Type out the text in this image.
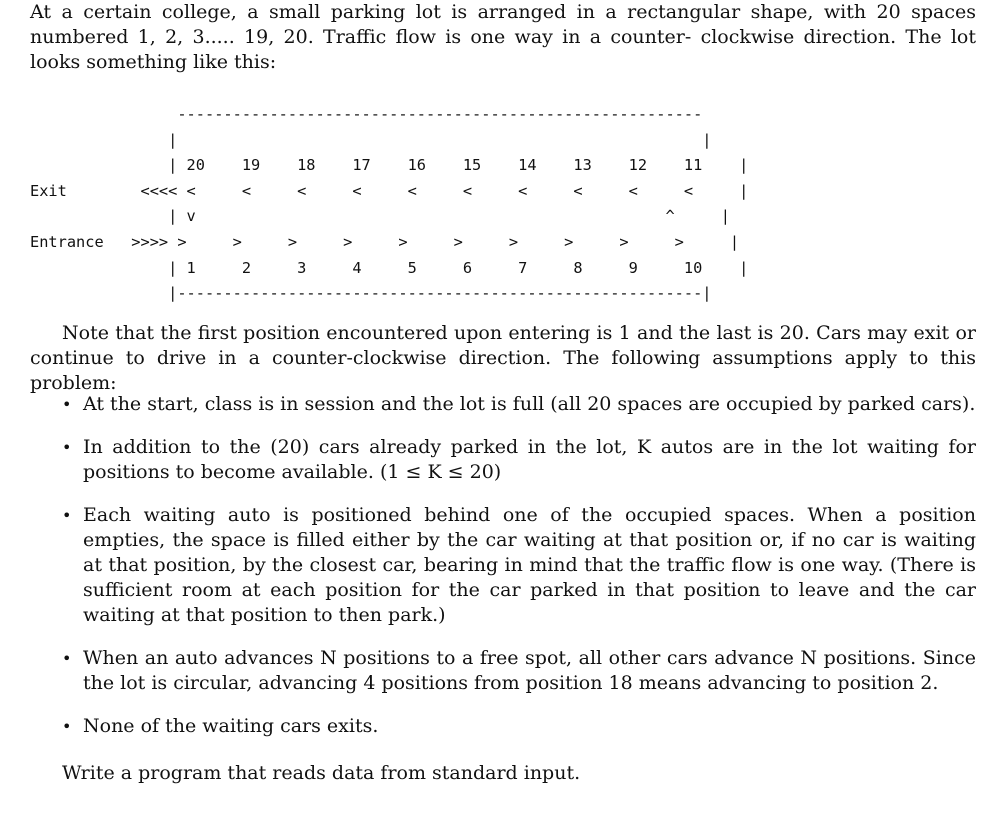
At a certain college, a small parking lot is arranged in a rectangular shape, with 20 spaces numbered 1, 2, 3..... 19, 20. Traffic flow is one way in a counter- clockwise direction. The lot looks something like this:

---------------------------------------------------------
|                                                         |
| 20    19    18    17    16    15    14    13    12    11    |
Exit        <<<< <     <     <     <     <     <     <     <     <     <     |
| v                                                   ^     |
Entrance   >>>> >     >     >     >     >     >     >     >     >     >     |
| 1     2     3     4     5     6     7     8     9     10    |
|---------------------------------------------------------|

Note that the first position encountered upon entering is 1 and the last is 20. Cars may exit or continue to drive in a counter-clockwise direction. The following assumptions apply to this problem:

• At the start, class is in session and the lot is full (all 20 spaces are occupied by parked cars).
• In addition to the (20) cars already parked in the lot, K autos are in the lot waiting for positions to become available. (1 ≤ K ≤ 20)
• Each waiting auto is positioned behind one of the occupied spaces. When a position empties, the space is filled either by the car waiting at that position or, if no car is waiting at that position, by the closest car, bearing in mind that the traffic flow is one way. (There is sufficient room at each position for the car parked in that position to leave and the car waiting at that position to then park.)
• When an auto advances N positions to a free spot, all other cars advance N positions. Since the lot is circular, advancing 4 positions from position 18 means advancing to position 2.
• None of the waiting cars exits.

Write a program that reads data from standard input.
